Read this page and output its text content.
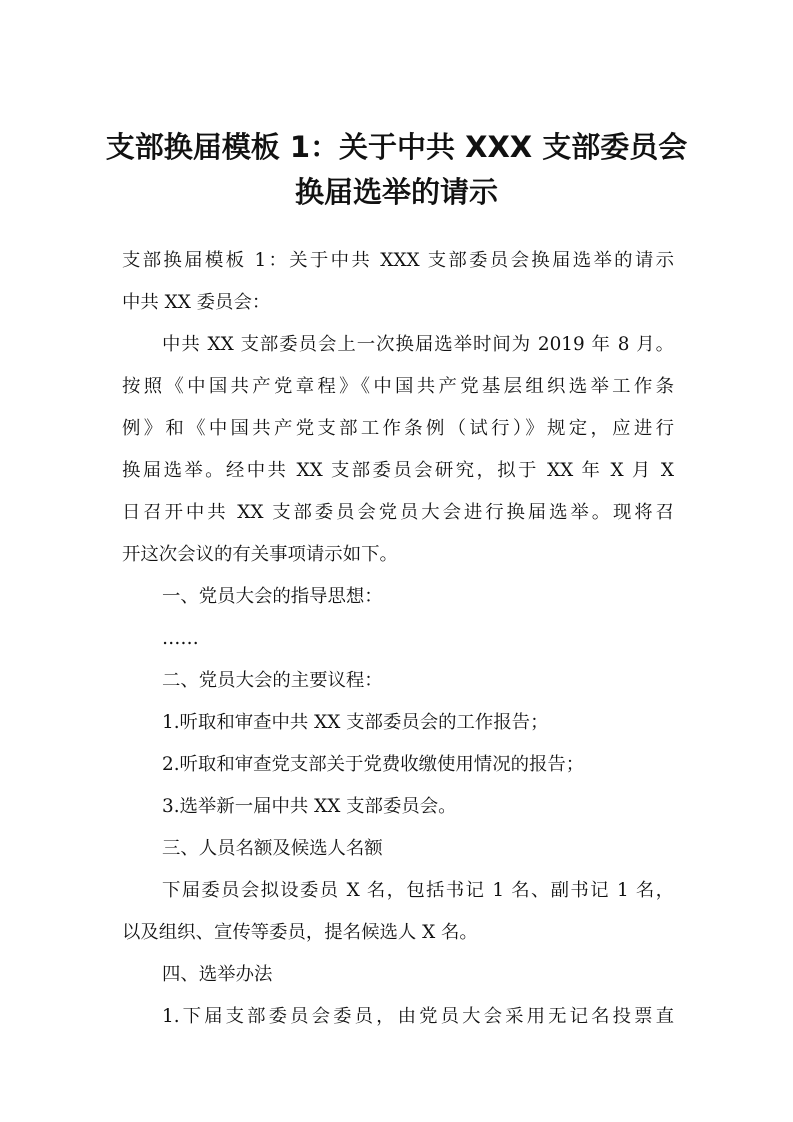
支部换届模板 1：关于中共 XXX 支部委员会
换届选举的请示
支部换届模板 1：关于中共 XXX 支部委员会换届选举的请示
中共 XX 委员会：
中共 XX 支部委员会上一次换届选举时间为 2019 年 8 月。
按照《中国共产党章程》《中国共产党基层组织选举工作条
例》和《中国共产党支部工作条例（试行）》规定，应进行
换届选举。经中共 XX 支部委员会研究，拟于 XX 年 X 月 X
日召开中共 XX 支部委员会党员大会进行换届选举。现将召
开这次会议的有关事项请示如下。
一、党员大会的指导思想：
……
二、党员大会的主要议程：
1.听取和审查中共 XX 支部委员会的工作报告；
2.听取和审查党支部关于党费收缴使用情况的报告；
3.选举新一届中共 XX 支部委员会。
三、人员名额及候选人名额
下届委员会拟设委员 X 名，包括书记 1 名、副书记 1 名，
以及组织、宣传等委员，提名候选人 X 名。
四、选举办法
1.下届支部委员会委员，由党员大会采用无记名投票直
